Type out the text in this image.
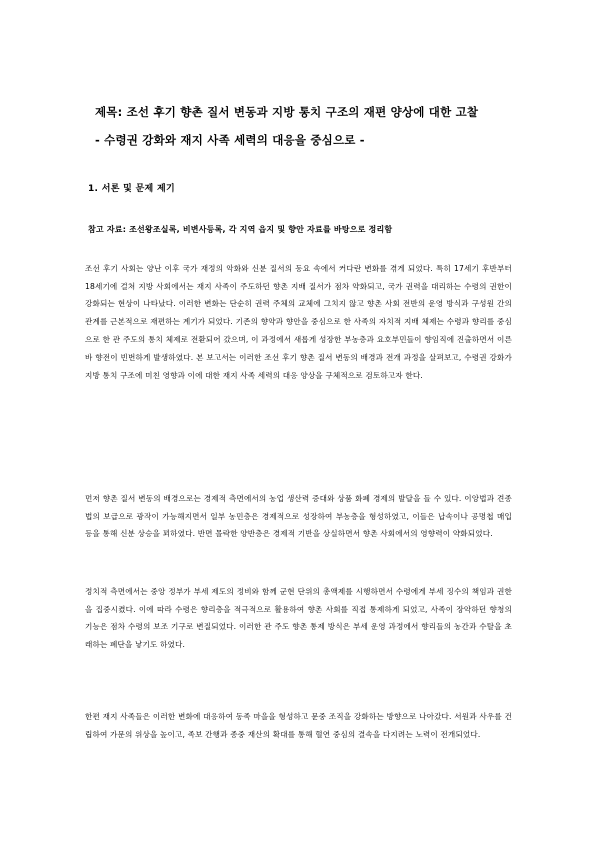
제목: 조선 후기 향촌 질서 변동과 지방 통치 구조의 재편 양상에 대한 고찰
- 수령권 강화와 재지 사족 세력의 대응을 중심으로 -
1. 서론 및 문제 제기
참고 자료: 조선왕조실록, 비변사등록, 각 지역 읍지 및 향안 자료를 바탕으로 정리함

조선 후기 사회는 양난 이후 국가 재정의 악화와 신분 질서의 동요 속에서 커다란 변화를 겪게 되었다. 특히 17세기 후반부터 18세기에 걸쳐 지방 사회에서는 재지 사족이 주도하던 향촌 지배 질서가 점차 약화되고, 국가 권력을 대리하는 수령의 권한이 강화되는 현상이 나타났다. 이러한 변화는 단순히 권력 주체의 교체에 그치지 않고 향촌 사회 전반의 운영 방식과 구성원 간의 관계를 근본적으로 재편하는 계기가 되었다. 기존의 향약과 향안을 중심으로 한 사족의 자치적 지배 체제는 수령과 향리를 중심으로 한 관 주도의 통치 체제로 전환되어 갔으며, 이 과정에서 새롭게 성장한 부농층과 요호부민들이 향임직에 진출하면서 이른바 향전이 빈번하게 발생하였다. 본 보고서는 이러한 조선 후기 향촌 질서 변동의 배경과 전개 과정을 살펴보고, 수령권 강화가 지방 통치 구조에 미친 영향과 이에 대한 재지 사족 세력의 대응 양상을 구체적으로 검토하고자 한다.

먼저 향촌 질서 변동의 배경으로는 경제적 측면에서의 농업 생산력 증대와 상품 화폐 경제의 발달을 들 수 있다. 이앙법과 견종법의 보급으로 광작이 가능해지면서 일부 농민층은 경제적으로 성장하여 부농층을 형성하였고, 이들은 납속이나 공명첩 매입 등을 통해 신분 상승을 꾀하였다. 반면 몰락한 양반층은 경제적 기반을 상실하면서 향촌 사회에서의 영향력이 약화되었다.

정치적 측면에서는 중앙 정부가 부세 제도의 정비와 함께 군현 단위의 총액제를 시행하면서 수령에게 부세 징수의 책임과 권한을 집중시켰다. 이에 따라 수령은 향리층을 적극적으로 활용하여 향촌 사회를 직접 통제하게 되었고, 사족이 장악하던 향청의 기능은 점차 수령의 보조 기구로 변질되었다. 이러한 관 주도 향촌 통제 방식은 부세 운영 과정에서 향리들의 농간과 수탈을 초래하는 폐단을 낳기도 하였다.

한편 재지 사족들은 이러한 변화에 대응하여 동족 마을을 형성하고 문중 조직을 강화하는 방향으로 나아갔다. 서원과 사우를 건립하여 가문의 위상을 높이고, 족보 간행과 종중 재산의 확대를 통해 혈연 중심의 결속을 다지려는 노력이 전개되었다.
